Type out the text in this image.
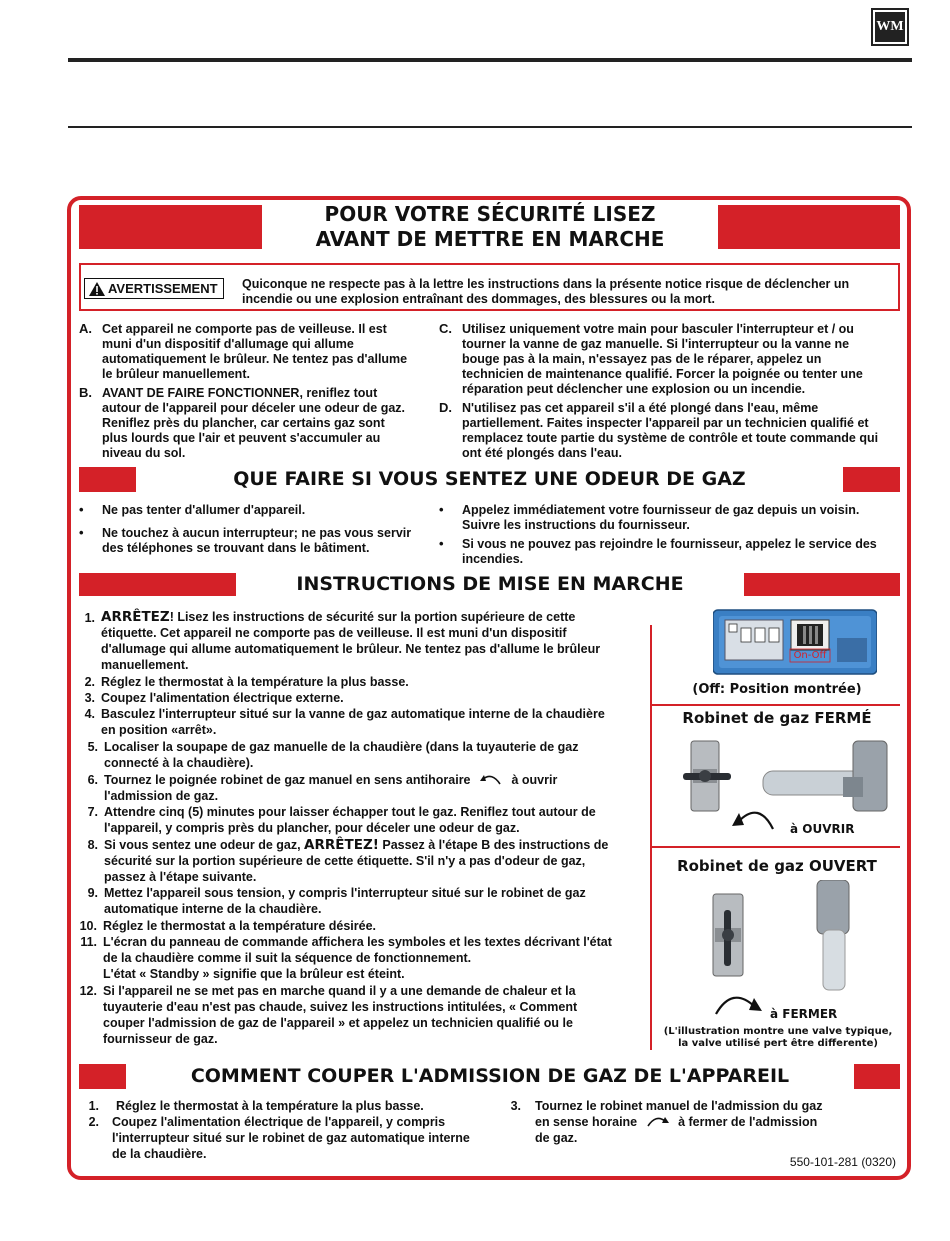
WM
POUR VOTRE SÉCURITÉ LISEZ
AVANT DE METTRE EN MARCHE
AVERTISSEMENT Quiconque ne respecte pas à la lettre les instructions dans la présente notice risque de déclencher un
incendie ou une explosion entraînant des dommages, des blessures ou la mort.
A. Cet appareil ne comporte pas de veilleuse. Il est
muni d'un dispositif d'allumage qui allume
automatiquement le brûleur. Ne tentez pas d'allume
le brûleur manuellement.
B. AVANT DE FAIRE FONCTIONNER, reniflez tout
autour de l'appareil pour déceler une odeur de gaz.
Reniflez près du plancher, car certains gaz sont
plus lourds que l'air et peuvent s'accumuler au
niveau du sol.
C. Utilisez uniquement votre main pour basculer l'interrupteur et / ou
tourner la vanne de gaz manuelle. Si l'interrupteur ou la vanne ne
bouge pas à la main, n'essayez pas de le réparer, appelez un
technicien de maintenance qualifié. Forcer la poignée ou tenter une
réparation peut déclencher une explosion ou un incendie.
D. N'utilisez pas cet appareil s'il a été plongé dans l'eau, même
partiellement. Faites inspecter l'appareil par un technicien qualifié et
remplacez toute partie du système de contrôle et toute commande qui
ont été plongés dans l'eau.
QUE FAIRE SI VOUS SENTEZ UNE ODEUR DE GAZ
• Ne pas tenter d'allumer d'appareil.
• Ne touchez à aucun interrupteur; ne pas vous servir
des téléphones se trouvant dans le bâtiment.
• Appelez immédiatement votre fournisseur de gaz depuis un voisin.
Suivre les instructions du fournisseur.
• Si vous ne pouvez pas rejoindre le fournisseur, appelez le service des
incendies.
INSTRUCTIONS DE MISE EN MARCHE
1. ARRÊTEZ! Lisez les instructions de sécurité sur la portion supérieure de cette
étiquette. Cet appareil ne comporte pas de veilleuse. Il est muni d'un dispositif
d'allumage qui allume automatiquement le brûleur. Ne tentez pas d'allume le brûleur
manuellement.
2. Réglez le thermostat à la température la plus basse.
3. Coupez l'alimentation électrique externe.
4. Basculez l'interrupteur situé sur la vanne de gaz automatique interne de la chaudière
en position «arrêt».
5. Localiser la soupape de gaz manuelle de la chaudière (dans la tuyauterie de gaz
connecté à la chaudière).
6. Tournez le poignée robinet de gaz manuel en sens antihoraire	à ouvrir
l'admission de gaz.
7. Attendre cinq (5) minutes pour laisser échapper tout le gaz. Reniflez tout autour de
l'appareil, y compris près du plancher, pour déceler une odeur de gaz.
8. Si vous sentez une odeur de gaz, ARRÊTEZ! Passez à l'étape B des instructions de
sécurité sur la portion supérieure de cette étiquette. S'il n'y a pas d'odeur de gaz,
passez à l'étape suivante.
9. Mettez l'appareil sous tension, y compris l'interrupteur situé sur le robinet de gaz
automatique interne de la chaudière.
10. Réglez le thermostat a la température désirée.
11. L'écran du panneau de commande affichera les symboles et les textes décrivant l'état
de la chaudière comme il suit la séquence de fonctionnement.
L'état « Standby » signifie que la brûleur est éteint.
12. Si l'appareil ne se met pas en marche quand il y a une demande de chaleur et la
tuyauterie d'eau n'est pas chaude, suivez les instructions intitulées, « Comment
couper l'admission de gaz de l'appareil » et appelez un technicien qualifié ou le
fournisseur de gaz.
On-Off
(Off: Position montrée)
Robinet de gaz FERMÉ
à OUVRIR
Robinet de gaz OUVERT
à FERMER
(L'illustration montre une valve typique,
la valve utilisé pert être differente)
COMMENT COUPER L'ADMISSION DE GAZ DE L'APPAREIL
1. Réglez le thermostat à la température la plus basse.
2. Coupez l'alimentation électrique de l'appareil, y compris
l'interrupteur situé sur le robinet de gaz automatique interne
de la chaudière.
3. Tournez le robinet manuel de l'admission du gaz
en sense horaine	à fermer de l'admission
de gaz.
550-101-281 (0320)
